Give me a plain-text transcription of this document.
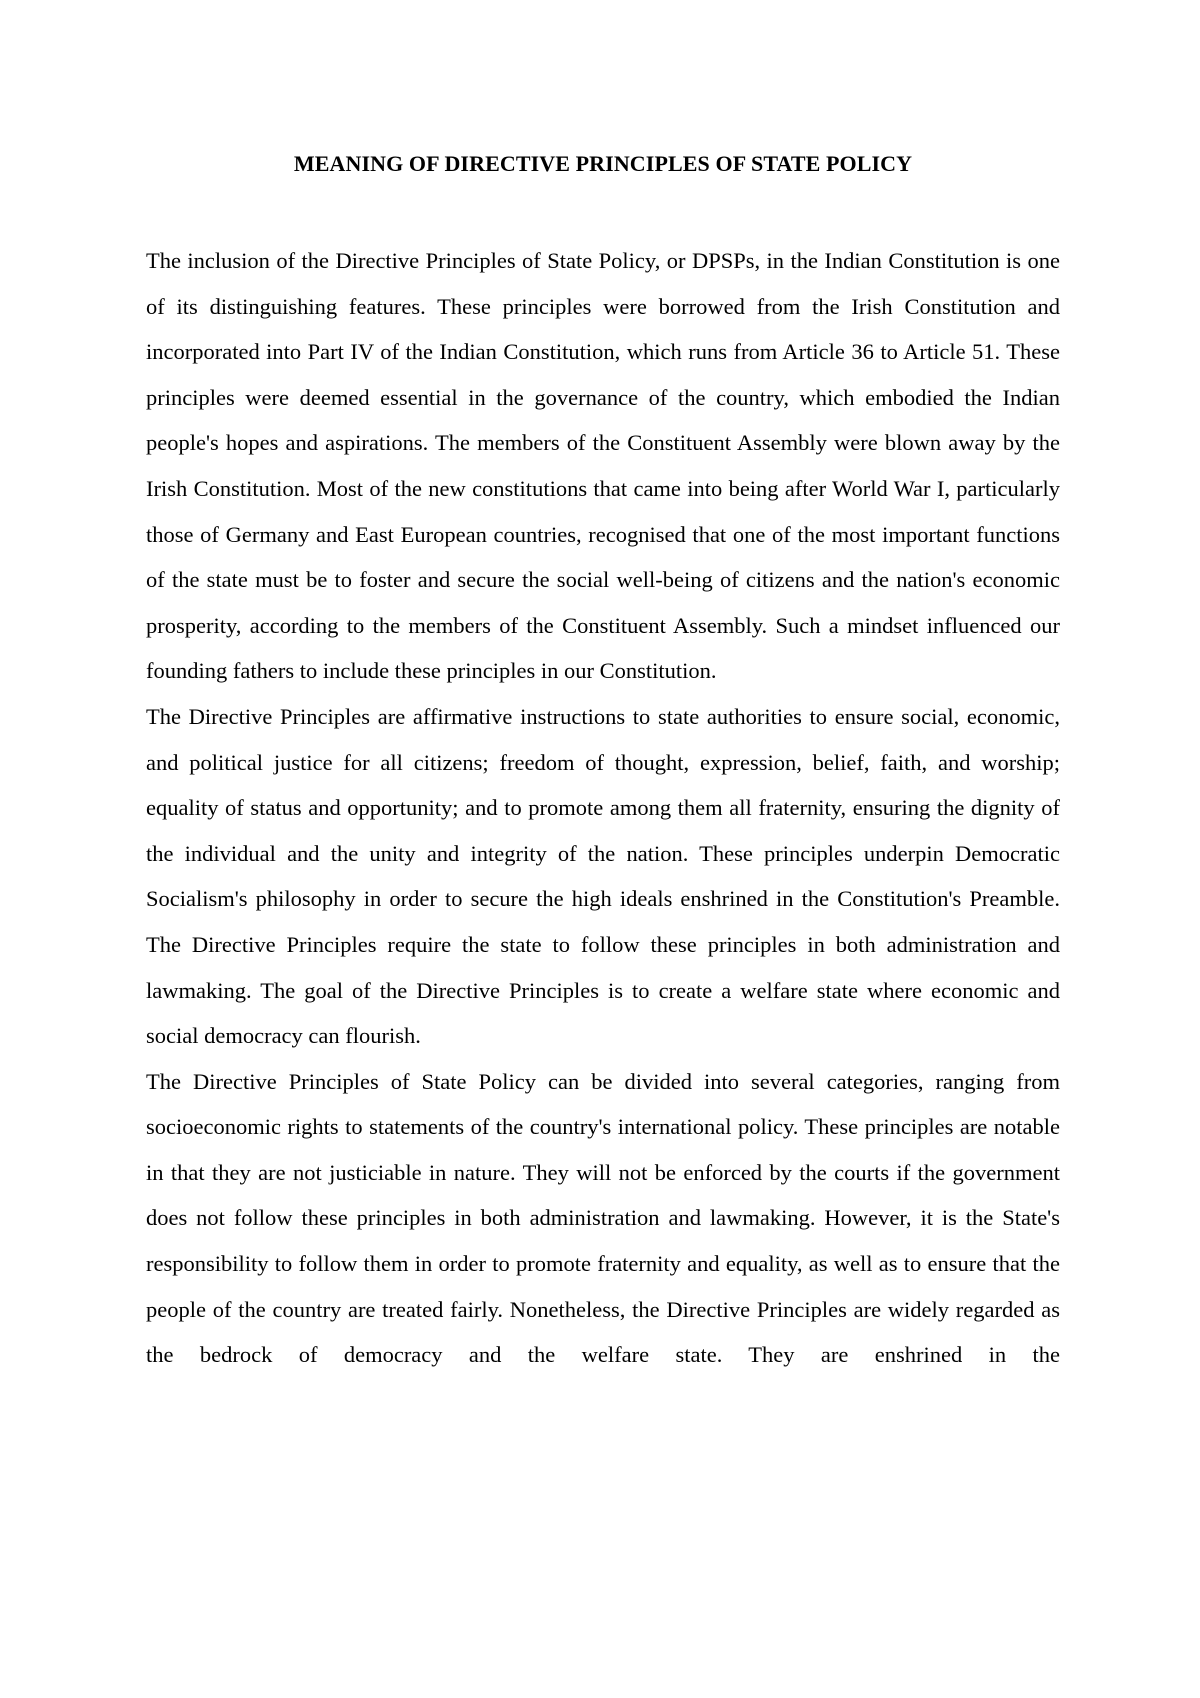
MEANING OF DIRECTIVE PRINCIPLES OF STATE POLICY

The inclusion of the Directive Principles of State Policy, or DPSPs, in the Indian Constitution is one of its distinguishing features. These principles were borrowed from the Irish Constitution and incorporated into Part IV of the Indian Constitution, which runs from Article 36 to Article 51. These principles were deemed essential in the governance of the country, which embodied the Indian people's hopes and aspirations. The members of the Constituent Assembly were blown away by the Irish Constitution. Most of the new constitutions that came into being after World War I, particularly those of Germany and East European countries, recognised that one of the most important functions of the state must be to foster and secure the social well-being of citizens and the nation's economic prosperity, according to the members of the Constituent Assembly. Such a mindset influenced our founding fathers to include these principles in our Constitution.

The Directive Principles are affirmative instructions to state authorities to ensure social, economic, and political justice for all citizens; freedom of thought, expression, belief, faith, and worship; equality of status and opportunity; and to promote among them all fraternity, ensuring the dignity of the individual and the unity and integrity of the nation. These principles underpin Democratic Socialism's philosophy in order to secure the high ideals enshrined in the Constitution's Preamble. The Directive Principles require the state to follow these principles in both administration and lawmaking. The goal of the Directive Principles is to create a welfare state where economic and social democracy can flourish.

The Directive Principles of State Policy can be divided into several categories, ranging from socioeconomic rights to statements of the country's international policy. These principles are notable in that they are not justiciable in nature. They will not be enforced by the courts if the government does not follow these principles in both administration and lawmaking. However, it is the State's responsibility to follow them in order to promote fraternity and equality, as well as to ensure that the people of the country are treated fairly. Nonetheless, the Directive Principles are widely regarded as the bedrock of democracy and the welfare state. They are enshrined in the
